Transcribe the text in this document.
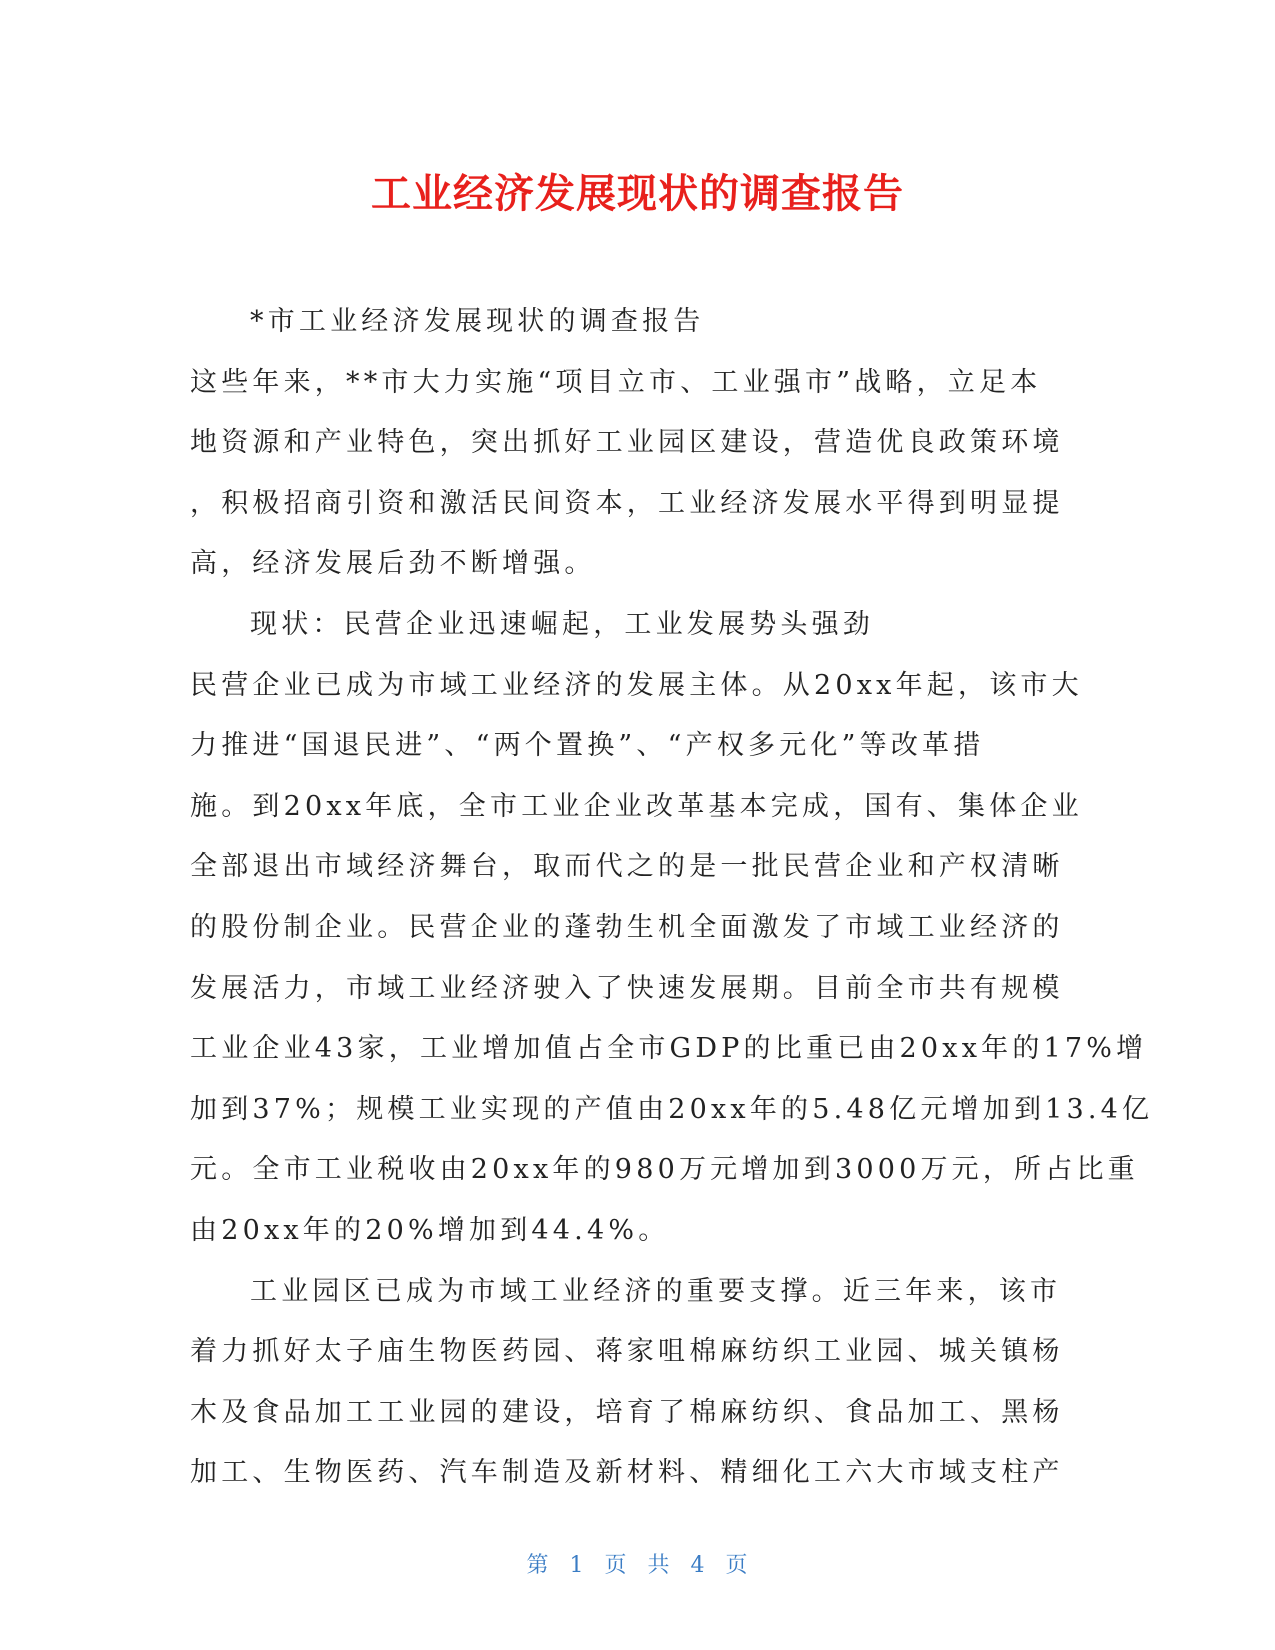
工业经济发展现状的调查报告

*市工业经济发展现状的调查报告

这些年来，**市大力实施“项目立市、工业强市”战略，立足本

地资源和产业特色，突出抓好工业园区建设，营造优良政策环境

，积极招商引资和激活民间资本，工业经济发展水平得到明显提

高，经济发展后劲不断增强。

现状：民营企业迅速崛起，工业发展势头强劲

民营企业已成为市域工业经济的发展主体。从20xx年起，该市大

力推进“国退民进”、“两个置换”、“产权多元化”等改革措

施。到20xx年底，全市工业企业改革基本完成，国有、集体企业

全部退出市域经济舞台，取而代之的是一批民营企业和产权清晰

的股份制企业。民营企业的蓬勃生机全面激发了市域工业经济的

发展活力，市域工业经济驶入了快速发展期。目前全市共有规模

工业企业43家，工业增加值占全市GDP的比重已由20xx年的17%增

加到37%；规模工业实现的产值由20xx年的5.48亿元增加到13.4亿

元。全市工业税收由20xx年的980万元增加到3000万元，所占比重

由20xx年的20%增加到44.4%。

工业园区已成为市域工业经济的重要支撑。近三年来，该市

着力抓好太子庙生物医药园、蒋家咀棉麻纺织工业园、城关镇杨

木及食品加工工业园的建设，培育了棉麻纺织、食品加工、黑杨

加工、生物医药、汽车制造及新材料、精细化工六大市域支柱产

第 1 页 共 4 页
